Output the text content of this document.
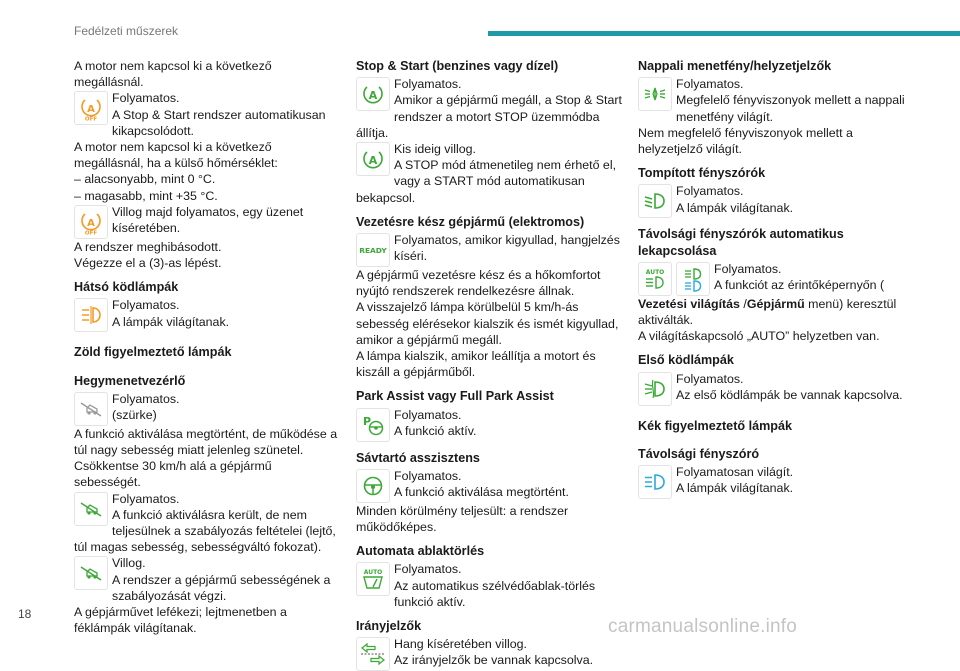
Fedélzeti műszerek
A motor nem kapcsol ki a következő megállásnál.
A
OFF
Folyamatos.
A Stop & Start rendszer automatikusan kikapcsolódott.
A motor nem kapcsol ki a következő megállásnál, ha a külső hőmérséklet:
– alacsonyabb, mint 0 °C.
– magasabb, mint +35 °C.
A
OFF
Villog majd folyamatos, egy üzenet kíséretében.
A rendszer meghibásodott.
Végezze el a (3)-as lépést.
Hátsó ködlámpák
Folyamatos.
A lámpák világítanak.
Zöld figyelmeztető lámpák
Hegymenetvezérlő
Folyamatos.
(szürke)
A funkció aktiválása megtörtént, de működése a túl nagy sebesség miatt jelenleg szünetel.
Csökkentse 30 km/h alá a gépjármű sebességét.
Folyamatos.
A funkció aktiválásra került, de nem teljesülnek a szabályozás feltételei (lejtő, túl magas sebesség, sebességváltó fokozat).
Villog.
A rendszer a gépjármű sebességének a szabályozását végzi.
A gépjárművet lefékezi; lejtmenetben a féklámpák világítanak.
Stop & Start (benzines vagy dízel)
A
Folyamatos.
Amikor a gépjármű megáll, a Stop & Start rendszer a motort STOP üzemmódba állítja.
A
Kis ideig villog.
A STOP mód átmenetileg nem érhető el, vagy a START mód automatikusan bekapcsol.
Vezetésre kész gépjármű (elektromos)
READY
Folyamatos, amikor kigyullad, hangjelzés kíséri.
A gépjármű vezetésre kész és a hőkomfortot nyújtó rendszerek rendelkezésre állnak.
A visszajelző lámpa körülbelül 5 km/h-ás sebesség elérésekor kialszik és ismét kigyullad, amikor a gépjármű megáll.
A lámpa kialszik, amikor leállítja a motort és kiszáll a gépjárműből.
Park Assist vagy Full Park Assist
P	Folyamatos.
A funkció aktív.
Sávtartó asszisztens
Folyamatos.
A funkció aktiválása megtörtént.
Minden körülmény teljesült: a rendszer működőképes.
Automata ablaktörlés
AUTO Folyamatos.
Az automatikus szélvédőablak-törlés funkció aktív.
Irányjelzők
Hang kíséretében villog.
Az irányjelzők be vannak kapcsolva.
Nappali menetfény/helyzetjelzők
Folyamatos.
Megfelelő fényviszonyok mellett a nappali menetfény világít.
Nem megfelelő fényviszonyok mellett a helyzetjelző világít.
Tompított fényszórók
Folyamatos.
A lámpák világítanak.
Távolsági fényszórók automatikus lekapcsolása
AUTO	Folyamatos.
A funkciót az érintőképernyőn (
Vezetési világítás /Gépjármű menü) keresztül aktiválták.
A világításkapcsoló „AUTO” helyzetben van.
Első ködlámpák
Folyamatos.
Az első ködlámpák be vannak kapcsolva.
Kék figyelmeztető lámpák
Távolsági fényszóró
Folyamatosan világít.
A lámpák világítanak.
18
carmanualsonline.info
